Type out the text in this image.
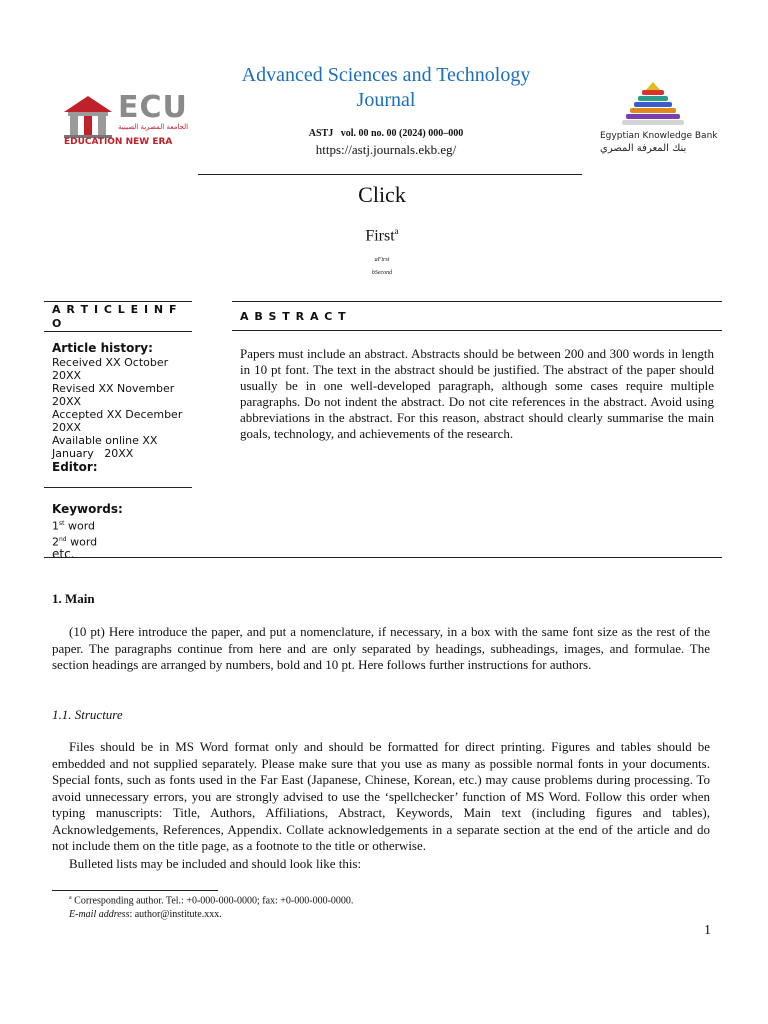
ECU
الجامعة المصرية الصينية
EDUCATION NEW ERA
Advanced Sciences and Technology
Journal
ASTJ   vol. 00 no. 00 (2024) 000–000
https://astj.journals.ekb.eg/
Egyptian Knowledge Bank
بنك المعرفة المصري
Click
First$^a$
aFirst
bSecond
A R T I C L E I N F O
A B S T R A C T
Article history:
Received XX October 20XX
Revised XX November 20XX
Accepted XX December 20XX
Available online XX January   20XX
Editor:
Papers must include an abstract. Abstracts should be between 200 and 300 words in length in 10 pt font. The text in the abstract should be justified. The abstract of the paper should usually be in one well-developed paragraph, although some cases require multiple paragraphs. Do not indent the abstract. Do not cite references in the abstract. Avoid using abbreviations in the abstract. For this reason, abstract should clearly summarise the main goals, technology, and achievements of the research.
Keywords:
1st word
2nd word
etc.
1. Main
(10 pt) Here introduce the paper, and put a nomenclature, if necessary, in a box with the same font size as the rest of the paper. The paragraphs continue from here and are only separated by headings, subheadings, images, and formulae. The section headings are arranged by numbers, bold and 10 pt. Here follows further instructions for authors.
1.1. Structure
Files should be in MS Word format only and should be formatted for direct printing. Figures and tables should be embedded and not supplied separately. Please make sure that you use as many as possible normal fonts in your documents. Special fonts, such as fonts used in the Far East (Japanese, Chinese, Korean, etc.) may cause problems during processing. To avoid unnecessary errors, you are strongly advised to use the ‘spellchecker’ function of MS Word. Follow this order when typing manuscripts: Title, Authors, Affiliations, Abstract, Keywords, Main text (including figures and tables), Acknowledgements, References, Appendix. Collate acknowledgements in a separate section at the end of the article and do not include them on the title page, as a footnote to the title or otherwise.
Bulleted lists may be included and should look like this:
$^a$ Corresponding author. Tel.: +0-000-000-0000; fax: +0-000-000-0000.
E-mail address: author@institute.xxx.
1
